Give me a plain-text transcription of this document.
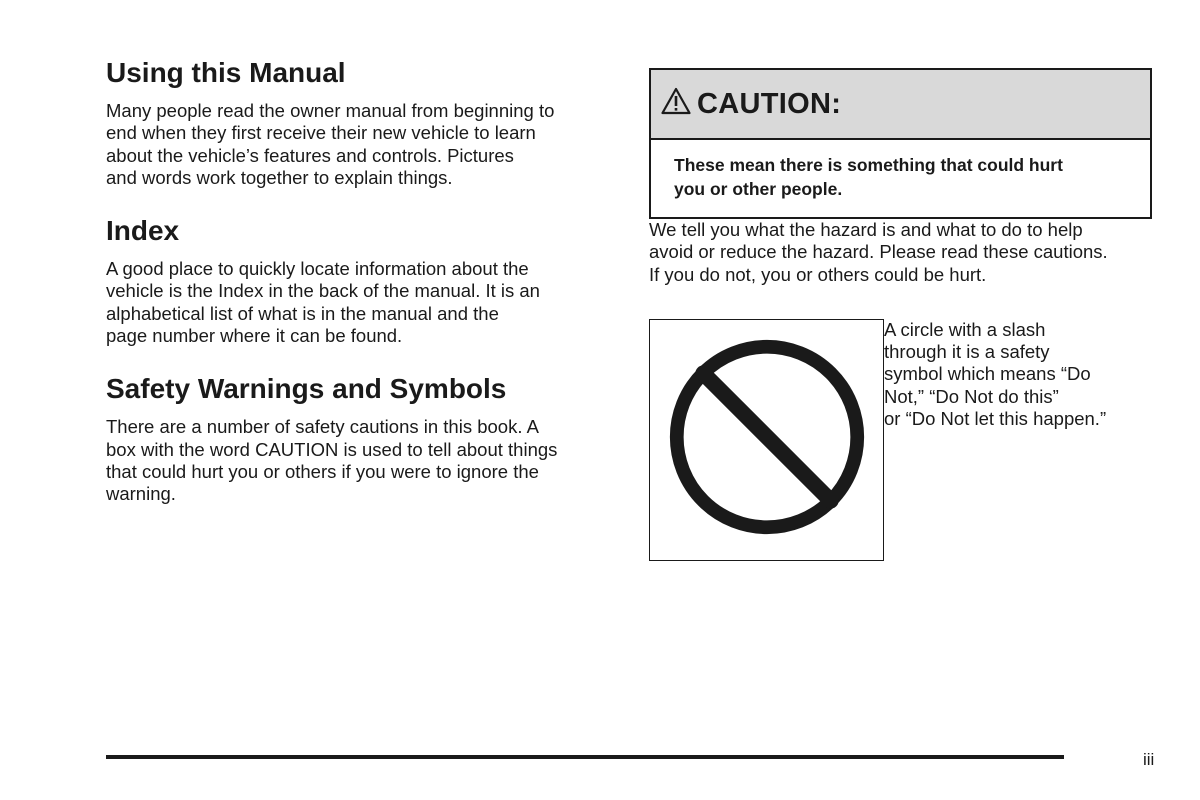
Using this Manual

Many people read the owner manual from beginning to
end when they first receive their new vehicle to learn
about the vehicle’s features and controls. Pictures
and words work together to explain things.

Index

A good place to quickly locate information about the
vehicle is the Index in the back of the manual. It is an
alphabetical list of what is in the manual and the
page number where it can be found.

Safety Warnings and Symbols

There are a number of safety cautions in this book. A
box with the word CAUTION is used to tell about things
that could hurt you or others if you were to ignore the
warning.

CAUTION:
These mean there is something that could hurt
you or other people.

We tell you what the hazard is and what to do to help
avoid or reduce the hazard. Please read these cautions.
If you do not, you or others could be hurt.

A circle with a slash
through it is a safety
symbol which means “Do
Not,” “Do Not do this”
or “Do Not let this happen.”

iii
